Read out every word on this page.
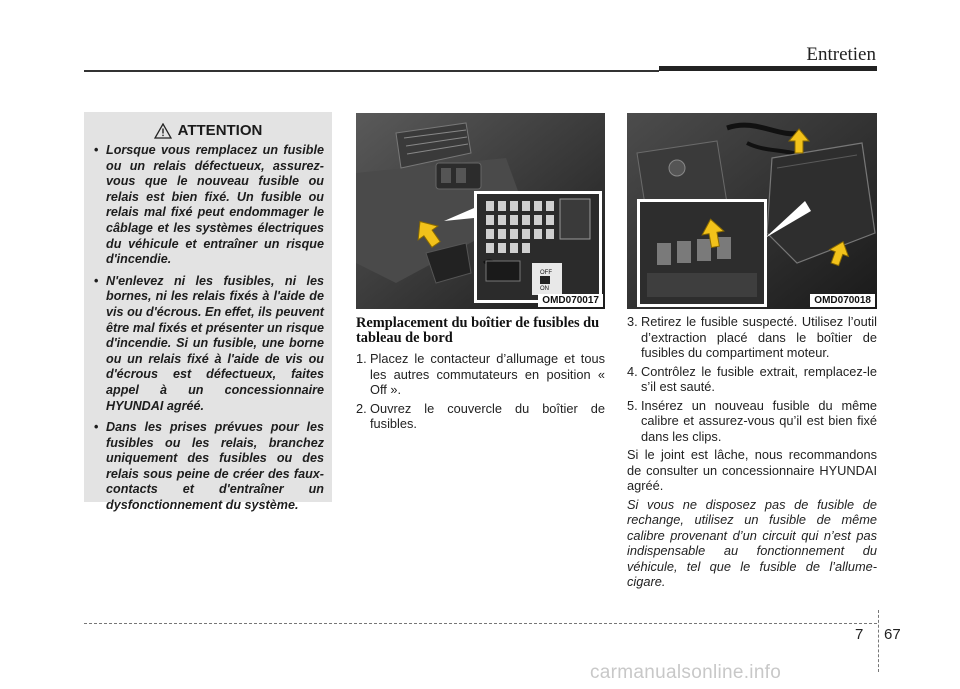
Entretien
ATTENTION
• Lorsque vous remplacez un fusible ou un relais défectueux, assurez-vous que le nouveau fusible ou relais est bien fixé. Un fusible ou relais mal fixé peut endommager le câblage et les systèmes électriques du véhicule et entraîner un risque d'incendie.
• N'enlevez ni les fusibles, ni les bornes, ni les relais fixés à l'aide de vis ou d'écrous. En effet, ils peuvent être mal fixés et présenter un risque d'incendie. Si un fusible, une borne ou un relais fixé à l'aide de vis ou d'écrous est défectueux, faites appel à un concessionnaire HYUNDAI agréé.
• Dans les prises prévues pour les fusibles ou les relais, branchez uniquement des fusibles ou des relais sous peine de créer des faux-contacts et d'entraîner un dysfonctionnement du système.
OFF
ON
OMD070017	OMD070018
Remplacement du boîtier de fusibles du tableau de bord
1. Placez le contacteur d’allumage et tous les autres commutateurs en position « Off ».
2. Ouvrez le couvercle du boîtier de fusibles.
3. Retirez le fusible suspecté. Utilisez l’outil d’extraction placé dans le boîtier de fusibles du compartiment moteur.
4. Contrôlez le fusible extrait, remplacez-le s’il est sauté.
5. Insérez un nouveau fusible du même calibre et assurez-vous qu’il est bien fixé dans les clips.

Si le joint est lâche, nous recommandons de consulter un concessionnaire HYUNDAI agréé.

Si vous ne disposez pas de fusible de rechange, utilisez un fusible de même calibre provenant d’un circuit qui n’est pas indispensable au fonctionnement du véhicule, tel que le fusible de l’allume-cigare.

7 67
carmanualsonline.info
